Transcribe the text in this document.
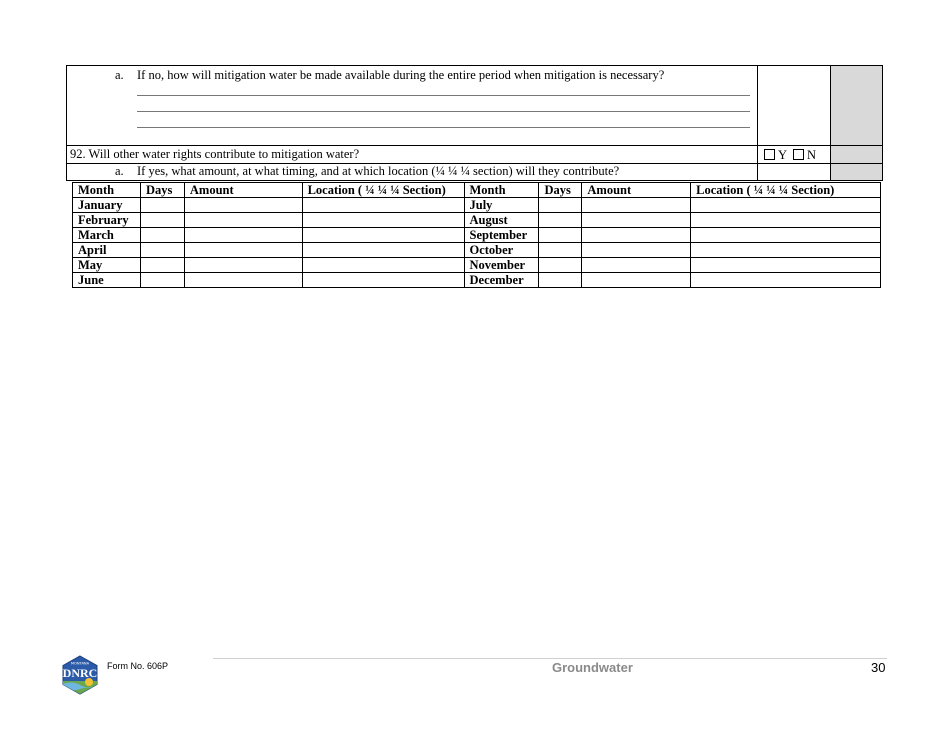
a. If no, how will mitigation water be made available during the entire period when mitigation is necessary?
92. Will other water rights contribute to mitigation water?	Y N
a. If yes, what amount, at what timing, and at which location (¼ ¼ ¼ section) will they contribute?
Month	Days	Amount	Location ( ¼ ¼ ¼ Section)	Month	Days	Amount	Location ( ¼ ¼ ¼ Section)
January				July			
February				August			
March				September			
April				October			
May				November			
June				December			
MONTANA
DNRC Form No. 606P	Groundwater	30
